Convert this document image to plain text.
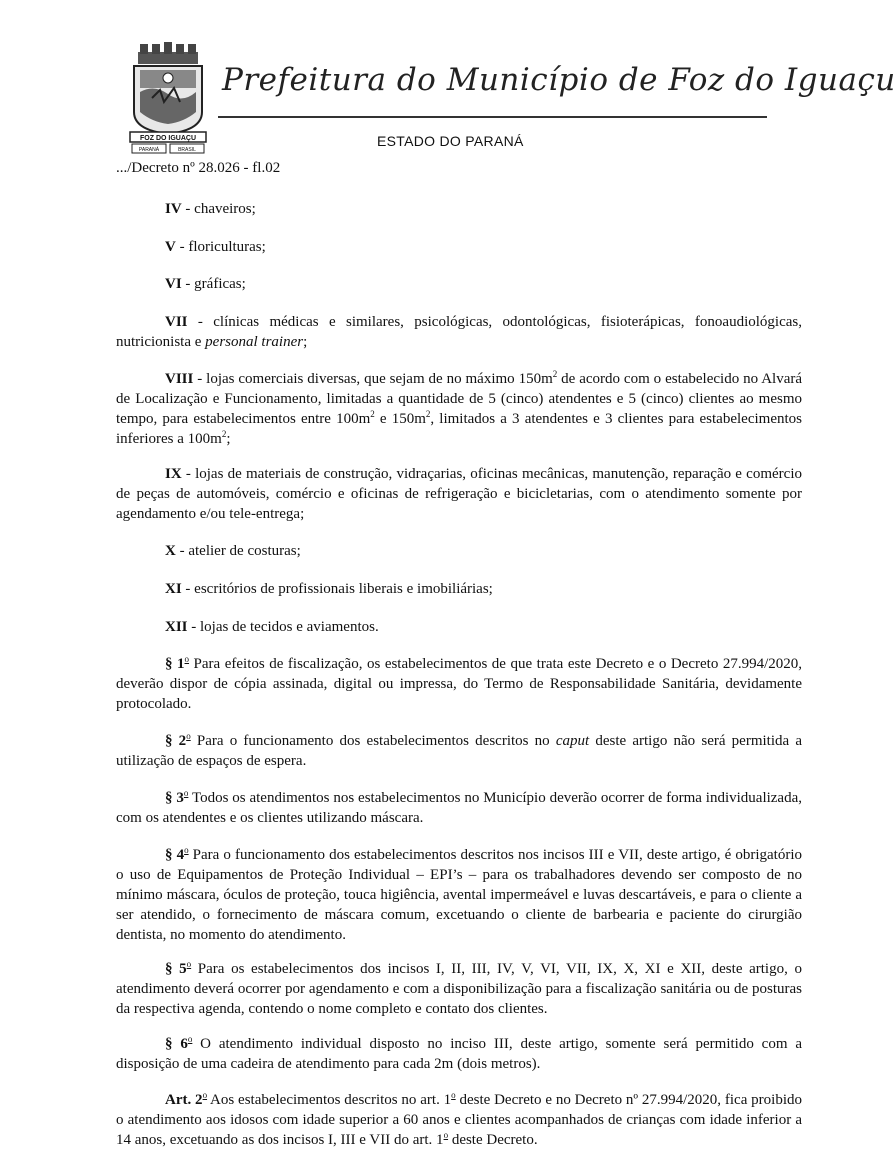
FOZ DO IGUAÇU
PARANÁ	BRASIL
Prefeitura do Município de Foz do Iguaçu
ESTADO DO PARANÁ
.../Decreto nº 28.026 - fl.02
IV - chaveiros;
V - floriculturas;
VI - gráficas;
VII - clínicas médicas e similares, psicológicas, odontológicas, fisioterápicas, fonoaudiológicas, nutricionista e personal trainer;
VIII - lojas comerciais diversas, que sejam de no máximo $150m^2$ de acordo com o estabelecido no Alvará de Localização e Funcionamento, limitadas a quantidade de 5 (cinco) atendentes e 5 (cinco) clientes ao mesmo tempo, para estabelecimentos entre $100m^2$ e $150m^2$, limitados a 3 atendentes e 3 clientes para estabelecimentos inferiores a $100m^2$;
IX - lojas de materiais de construção, vidraçarias, oficinas mecânicas, manutenção, reparação e comércio de peças de automóveis, comércio e oficinas de refrigeração e bicicletarias, com o atendimento somente por agendamento e/ou tele-entrega;
X - atelier de costuras;
XI - escritórios de profissionais liberais e imobiliárias;
XII - lojas de tecidos e aviamentos.
§ 1$^o$ Para efeitos de fiscalização, os estabelecimentos de que trata este Decreto e o Decreto 27.994/2020, deverão dispor de cópia assinada, digital ou impressa, do Termo de Responsabilidade Sanitária, devidamente protocolado.
§ 2$^o$ Para o funcionamento dos estabelecimentos descritos no caput deste artigo não será permitida a utilização de espaços de espera.
§ 3$^o$ Todos os atendimentos nos estabelecimentos no Município deverão ocorrer de forma individualizada, com os atendentes e os clientes utilizando máscara.
§ 4$^o$ Para o funcionamento dos estabelecimentos descritos nos incisos III e VII, deste artigo, é obrigatório o uso de Equipamentos de Proteção Individual – EPI’s – para os trabalhadores devendo ser composto de no mínimo máscara, óculos de proteção, touca higiência, avental impermeável e luvas descartáveis, e para o cliente a ser atendido, o fornecimento de máscara comum, excetuando o cliente de barbearia e paciente do cirurgião dentista, no momento do atendimento.
§ 5$^o$ Para os estabelecimentos dos incisos I, II, III, IV, V, VI, VII, IX, X, XI e XII, deste artigo, o atendimento deverá ocorrer por agendamento e com a disponibilização para a fiscalização sanitária ou de posturas da respectiva agenda, contendo o nome completo e contato dos clientes.
§ 6$^o$ O atendimento individual disposto no inciso III, deste artigo, somente será permitido com a disposição de uma cadeira de atendimento para cada 2m (dois metros).
Art. 2$^o$ Aos estabelecimentos descritos no art. 1$^o$ deste Decreto e no Decreto nº 27.994/2020, fica proibido o atendimento aos idosos com idade superior a 60 anos e clientes acompanhados de crianças com idade inferior a 14 anos, excetuando as dos incisos I, III e VII do art. 1$^o$ deste Decreto.
